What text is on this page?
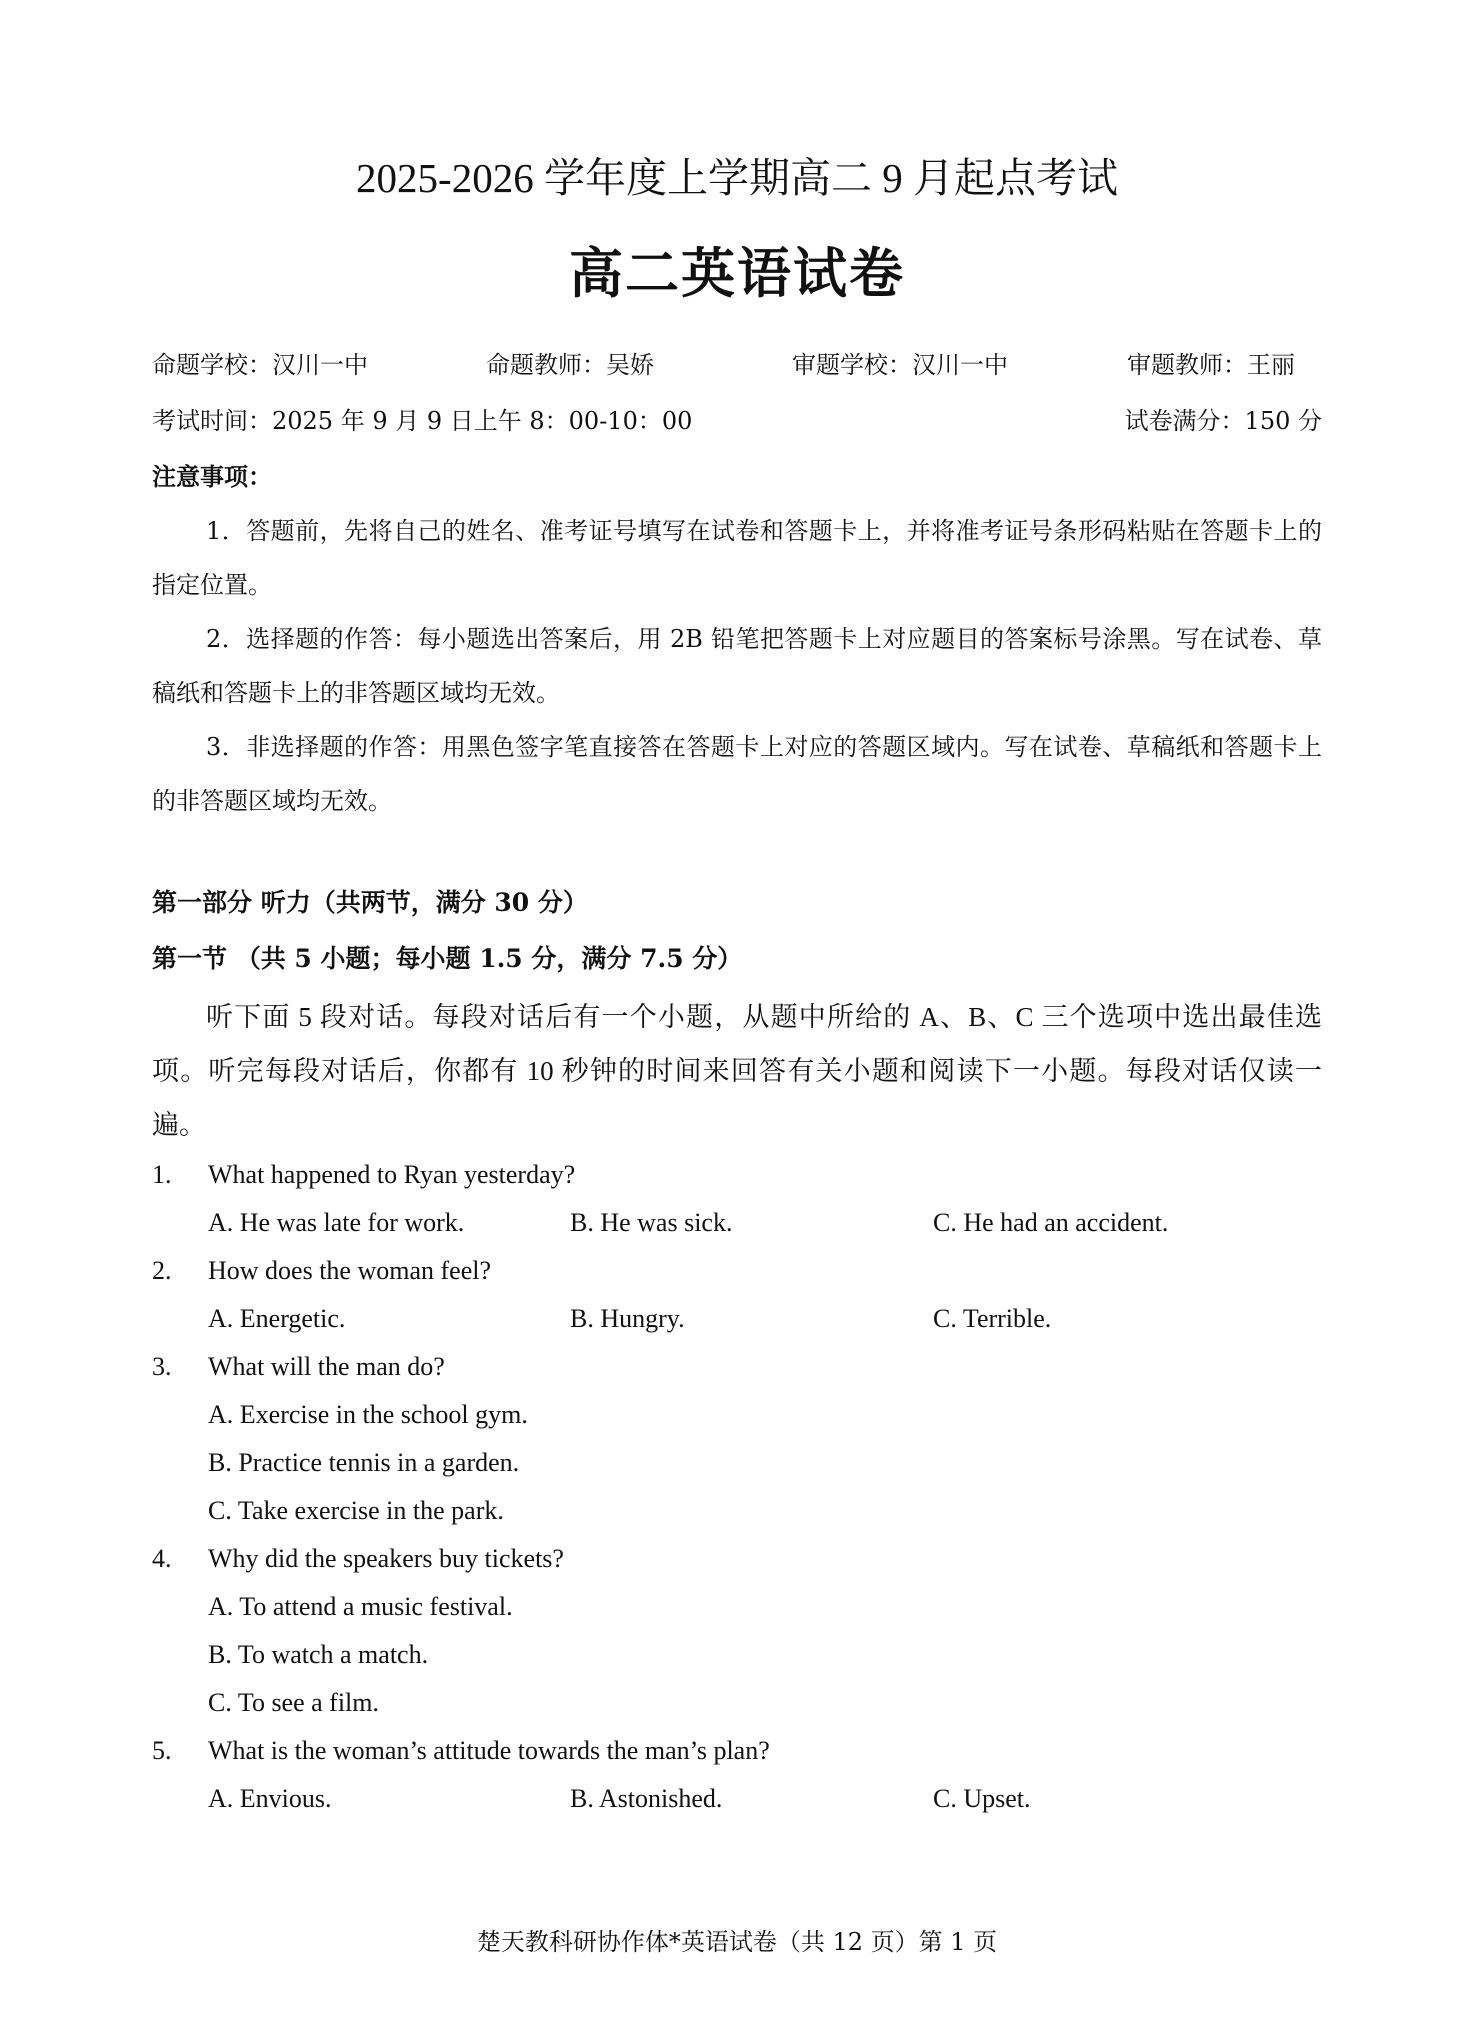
2025-2026 学年度上学期高二 9 月起点考试
高二英语试卷
命题学校：汉川一中	命题教师：吴娇	审题学校：汉川一中	审题教师：王丽
考试时间：2025 年 9 月 9 日上午 8：00-10：00	试卷满分：150 分
注意事项：
1．答题前，先将自己的姓名、准考证号填写在试卷和答题卡上，并将准考证号条形码粘贴在答题卡上的指定位置。
2．选择题的作答：每小题选出答案后，用 2B 铅笔把答题卡上对应题目的答案标号涂黑。写在试卷、草稿纸和答题卡上的非答题区域均无效。
3．非选择题的作答：用黑色签字笔直接答在答题卡上对应的答题区域内。写在试卷、草稿纸和答题卡上的非答题区域均无效。
第一部分 听力（共两节，满分 30 分）
第一节 （共 5 小题；每小题 1.5 分，满分 7.5 分）
听下面 5 段对话。每段对话后有一个小题，从题中所给的 A、B、C 三个选项中选出最佳选项。听完每段对话后，你都有 10 秒钟的时间来回答有关小题和阅读下一小题。每段对话仅读一遍。
1. What happened to Ryan yesterday?
A. He was late for work.	B. He was sick.	C. He had an accident.
2. How does the woman feel?
A. Energetic.	B. Hungry.	C. Terrible.
3. What will the man do?
A. Exercise in the school gym.
B. Practice tennis in a garden.
C. Take exercise in the park.
4. Why did the speakers buy tickets?
A. To attend a music festival.
B. To watch a match.
C. To see a film.
5. What is the woman’s attitude towards the man’s plan?
A. Envious.	B. Astonished.	C. Upset.
楚天教科研协作体*英语试卷（共 12 页）第 1 页
